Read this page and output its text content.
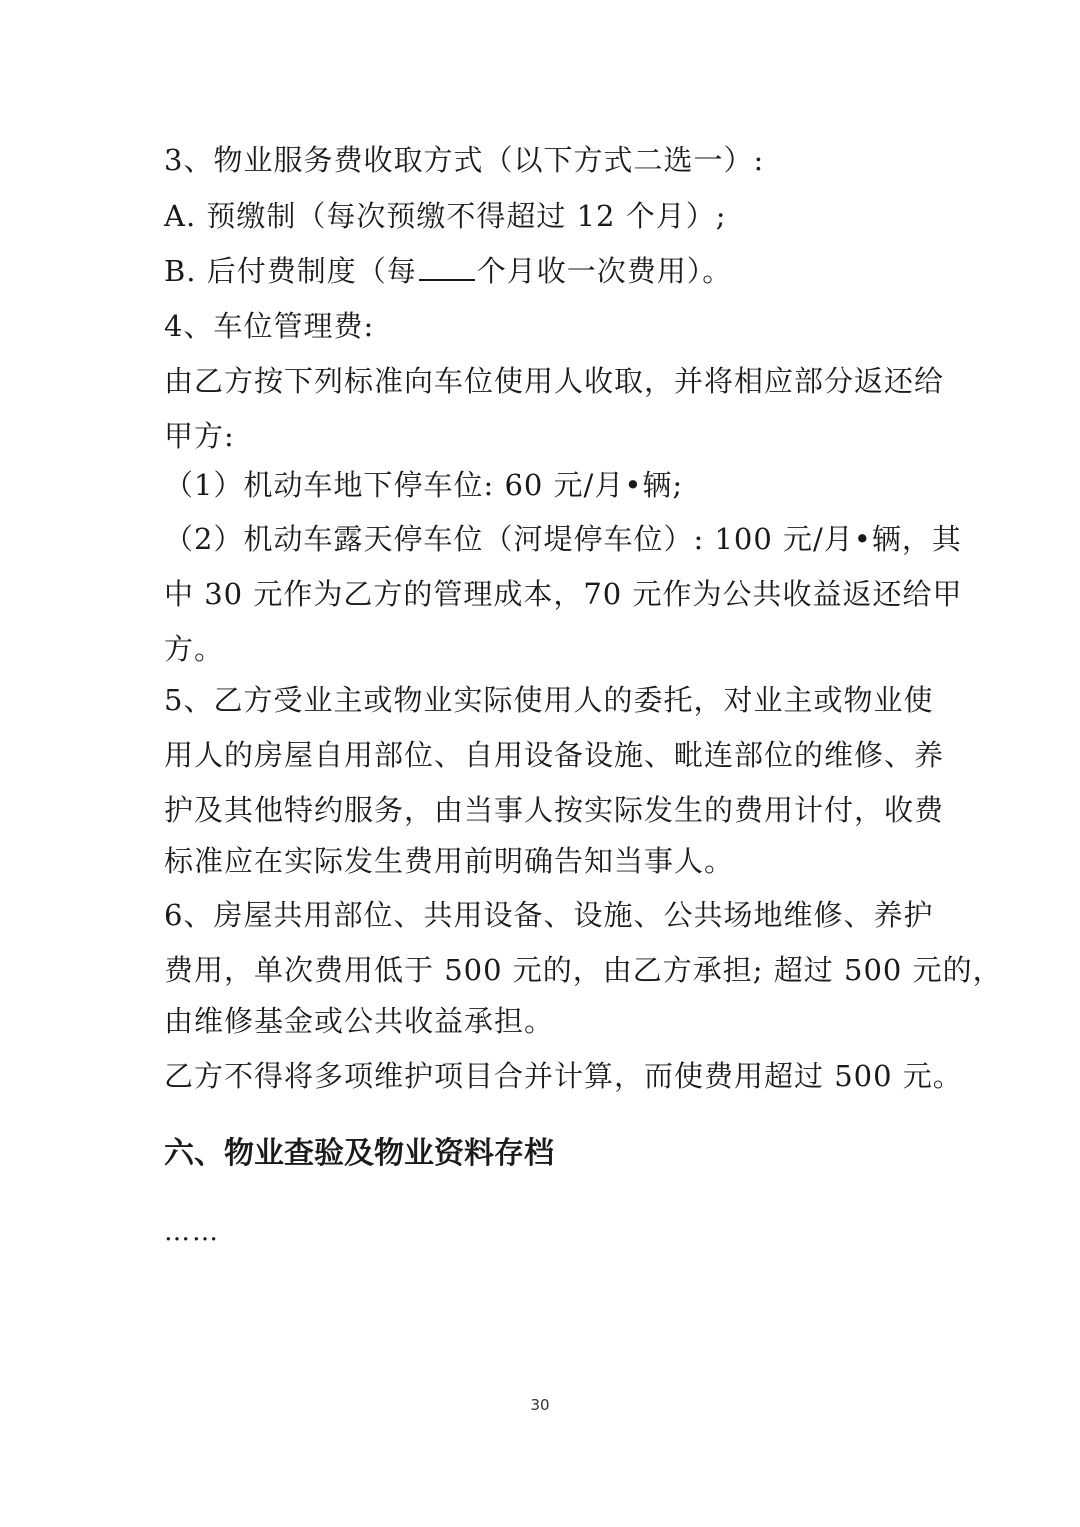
3、物业服务费收取方式（以下方式二选一）:
A. 预缴制（每次预缴不得超过 12 个月）;
B. 后付费制度（每 个月收一次费用）。
4、车位管理费:
由乙方按下列标准向车位使用人收取，并将相应部分返还给
甲方:
（1）机动车地下停车位: 60 元/月•辆;
（2）机动车露天停车位（河堤停车位）: 100 元/月•辆，其
中 30 元作为乙方的管理成本，70 元作为公共收益返还给甲
方。
5、乙方受业主或物业实际使用人的委托，对业主或物业使
用人的房屋自用部位、自用设备设施、毗连部位的维修、养
护及其他特约服务，由当事人按实际发生的费用计付，收费
标准应在实际发生费用前明确告知当事人。
6、房屋共用部位、共用设备、设施、公共场地维修、养护
费用，单次费用低于 500 元的，由乙方承担; 超过 500 元的，
由维修基金或公共收益承担。
乙方不得将多项维护项目合并计算，而使费用超过 500 元。
六、物业查验及物业资料存档
……
30
